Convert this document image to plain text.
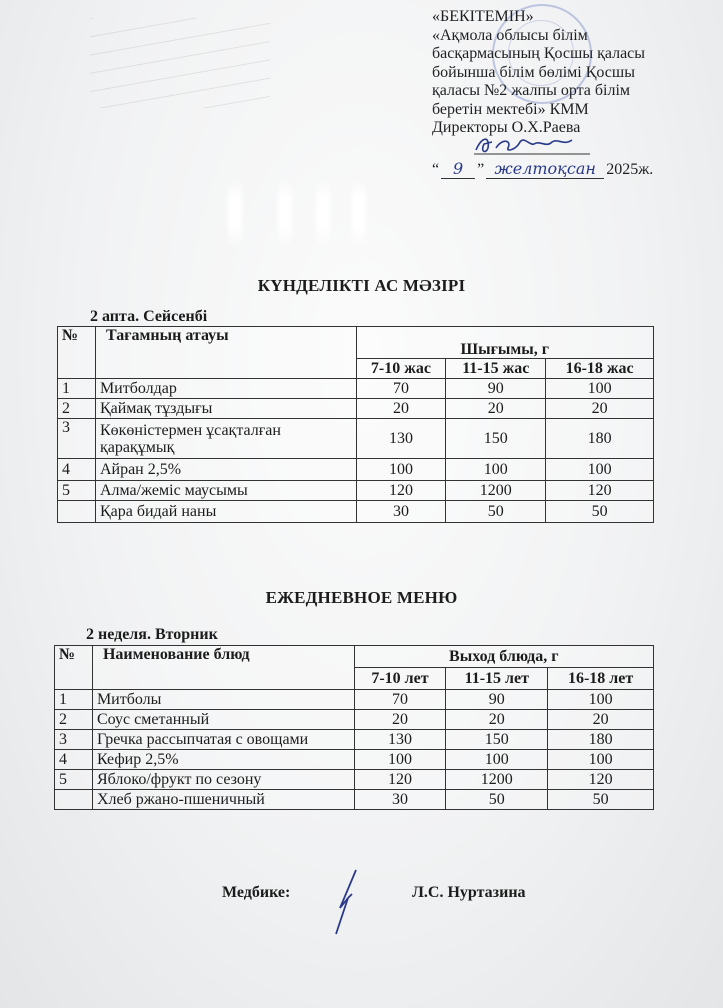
«БЕКІТЕМІН»
«Ақмола облысы білім
басқармасының Қосшы қаласы
бойынша білім бөлімі Қосшы
қаласы №2 жалпы орта білім
беретін мектебі» КММ
Директоры О.Х.Раева
“ 9 ” желтоқсан 2025ж.
КҮНДЕЛІКТІ АС МӘЗІРІ
2 апта. Сейсенбі
№	Тағамның атауы	Шығымы, г		
		7-10 жас	11-15 жас	16-18 жас
1	Митболдар	70	90	100
2	Қаймақ тұздығы	20	20	20
3	Көкөністермен ұсақталған қарақұмық	130	150	180
4	Айран 2,5%	100	100	100
5	Алма/жеміс маусымы	120	1200	120
	Қара бидай наны	30	50	50
ЕЖЕДНЕВНОЕ МЕНЮ
2 неделя. Вторник
№	Наименование блюд	Выход блюда, г		
		7-10 лет	11-15 лет	16-18 лет
1	Митболы	70	90	100
2	Соус сметанный	20	20	20
3	Гречка рассыпчатая с овощами	130	150	180
4	Кефир 2,5%	100	100	100
5	Яблоко/фрукт по сезону	120	1200	120
	Хлеб ржано-пшеничный	30	50	50
Медбике:	Л.С. Нуртазина
